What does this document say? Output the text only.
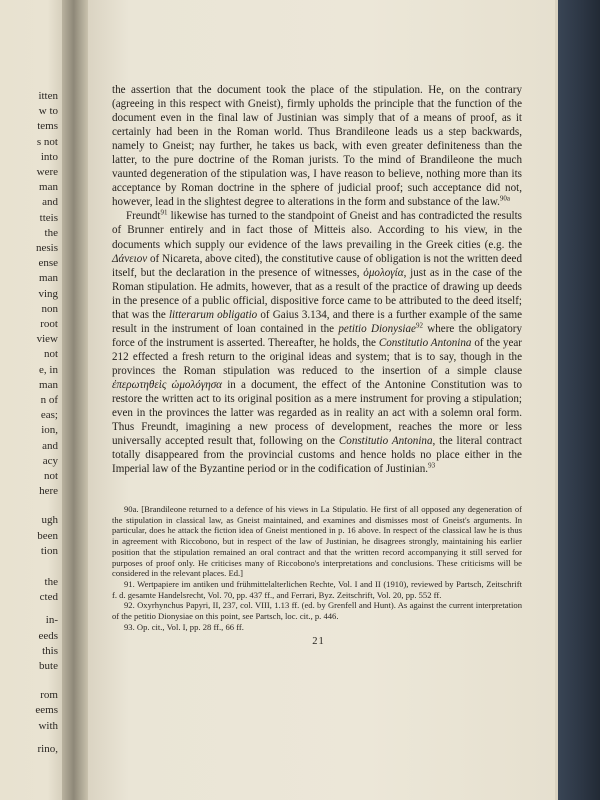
itten
w to
tems
s not
into
were
man
and
tteis
the
nesis
ense
man
ving
non
root
view
not
e, in
man
n of
eas;
ion,
and
acy
not
here
ugh
been
tion
the
cted
in-
eeds
this
bute
rom
eems
with
rino,

the assertion that the document took the place of the stipulation. He, on the contrary (agreeing in this respect with Gneist), firmly upholds the principle that the function of the document even in the final law of Justinian was simply that of a means of proof, as it certainly had been in the Roman world. Thus Brandileone leads us a step backwards, namely to Gneist; nay further, he takes us back, with even greater definiteness than the latter, to the pure doctrine of the Roman jurists. To the mind of Brandileone the much vaunted degeneration of the stipulation was, I have reason to believe, nothing more than its acceptance by Roman doctrine in the sphere of judicial proof; such acceptance did not, however, lead in the slightest degree to alterations in the form and substance of the law.$^{90a}$

Freundt$^{91}$ likewise has turned to the standpoint of Gneist and has contradicted the results of Brunner entirely and in fact those of Mitteis also. According to his view, in the documents which supply our evidence of the laws prevailing in the Greek cities (e.g. the Δάνειον of Nicareta, above cited), the constitutive cause of obligation is not the written deed itself, but the declaration in the presence of witnesses, ὁμολογία, just as in the case of the Roman stipulation. He admits, however, that as a result of the practice of drawing up deeds in the presence of a public official, dispositive force came to be attributed to the deed itself; that was the litterarum obligatio of Gaius 3.134, and there is a further example of the same result in the instrument of loan contained in the petitio Dionysiae$^{92}$ where the obligatory force of the instrument is asserted. Thereafter, he holds, the Constitutio Antonina of the year 212 effected a fresh return to the original ideas and system; that is to say, though in the provinces the Roman stipulation was reduced to the insertion of a simple clause ἐπερωτηθεὶς ὡμολόγησα in a document, the effect of the Antonine Constitution was to restore the written act to its original position as a mere instrument for proving a stipulation; even in the provinces the latter was regarded as in reality an act with a solemn oral form. Thus Freundt, imagining a new process of development, reaches the more or less universally accepted result that, following on the Constitutio Antonina, the literal contract totally disappeared from the provincial customs and hence holds no place either in the Imperial law of the Byzantine period or in the codification of Justinian.$^{93}$

90a. [Brandileone returned to a defence of his views in La Stipulatio. He first of all opposed any degeneration of the stipulation in classical law, as Gneist maintained, and examines and dismisses most of Gneist's arguments. In particular, does he attack the fiction idea of Gneist mentioned in p. 16 above. In respect of the classical law he is thus in agreement with Riccobono, but in respect of the law of Justinian, he disagrees strongly, maintaining his earlier position that the stipulation remained an oral contract and that the written record accompanying it still served for purposes of proof only. He criticises many of Riccobono's interpretations and conclusions. These criticisms will be considered in the relevant places. Ed.]

91. Wertpapiere im antiken und frühmittelalterlichen Rechte, Vol. I and II (1910), reviewed by Partsch, Zeitschrift f. d. gesamte Handelsrecht, Vol. 70, pp. 437 ff., and Ferrari, Byz. Zeitschrift, Vol. 20, pp. 552 ff.

92. Oxyrhynchus Papyri, II, 237, col. VIII, 1.13 ff. (ed. by Grenfell and Hunt). As against the current interpretation of the petitio Dionysiae on this point, see Partsch, loc. cit., p. 446.

93. Op. cit., Vol. I, pp. 28 ff., 66 ff.

21
